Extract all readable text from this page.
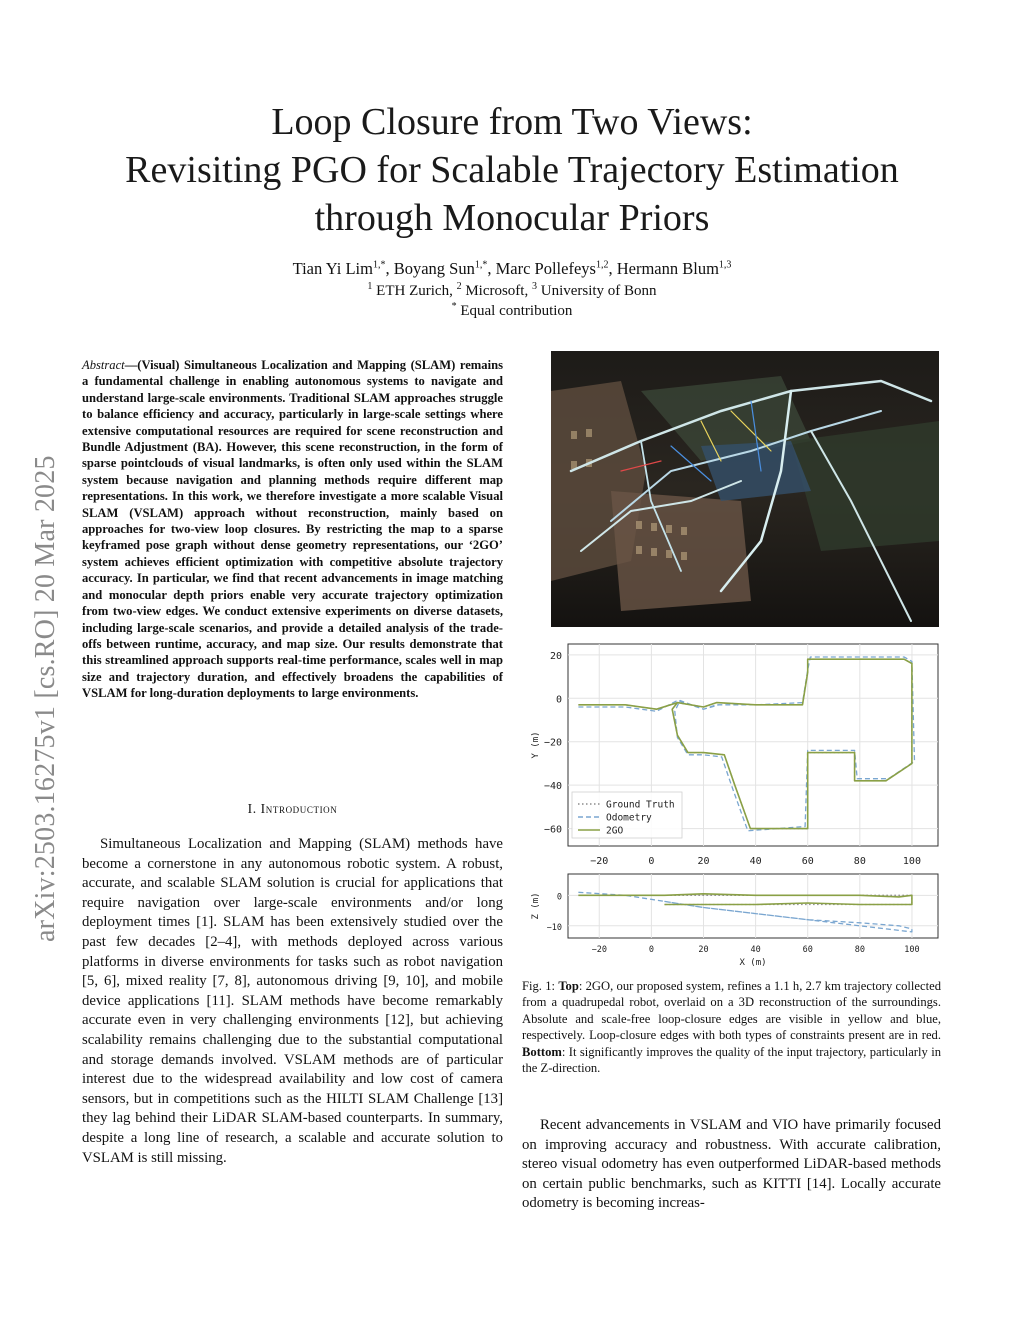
Loop Closure from Two Views:
Revisiting PGO for Scalable Trajectory Estimation
through Monocular Priors
Tian Yi Lim$^{1,*}$, Boyang Sun$^{1,*}$, Marc Pollefeys$^{1,2}$, Hermann Blum$^{1,3}$
$^1$ ETH Zurich, $^2$ Microsoft, $^3$ University of Bonn
* Equal contribution
arXiv:2503.16275v1 [cs.RO] 20 Mar 2025
Abstract—(Visual) Simultaneous Localization and Mapping (SLAM) remains a fundamental challenge in enabling autonomous systems to navigate and understand large-scale environments. Traditional SLAM approaches struggle to balance efficiency and accuracy, particularly in large-scale settings where extensive computational resources are required for scene reconstruction and Bundle Adjustment (BA). However, this scene reconstruction, in the form of sparse pointclouds of visual landmarks, is often only used within the SLAM system because navigation and planning methods require different map representations. In this work, we therefore investigate a more scalable Visual SLAM (VSLAM) approach without reconstruction, mainly based on approaches for two-view loop closures. By restricting the map to a sparse keyframed pose graph without dense geometry representations, our ‘2GO’ system achieves efficient optimization with competitive absolute trajectory accuracy. In particular, we find that recent advancements in image matching and monocular depth priors enable very accurate trajectory optimization from two-view edges. We conduct extensive experiments on diverse datasets, including large-scale scenarios, and provide a detailed analysis of the trade-offs between runtime, accuracy, and map size. Our results demonstrate that this streamlined approach supports real-time performance, scales well in map size and trajectory duration, and effectively broadens the capabilities of VSLAM for long-duration deployments to large environments.
I. Introduction

Simultaneous Localization and Mapping (SLAM) methods have become a cornerstone in any autonomous robotic system. A robust, accurate, and scalable SLAM solution is crucial for applications that require navigation over large-scale environments and/or long deployment times [1]. SLAM has been extensively studied over the past few decades [2–4], with methods deployed across various platforms in diverse environments for tasks such as robot navigation [5, 6], mixed reality [7, 8], autonomous driving [9, 10], and mobile device applications [11]. SLAM methods have become remarkably accurate even in very challenging environments [12], but achieving scalability remains challenging due to the substantial computational and storage demands involved. VSLAM methods are of particular interest due to the widespread availability and low cost of camera sensors, but in competitions such as the HILTI SLAM Challenge [13] they lag behind their LiDAR SLAM-based counterparts. In summary, despite a long line of research, a scalable and accurate solution to VSLAM is still missing.

−20	0	20	40	60	80	100
20
0
−20
−40
−60
Y (m)
Ground Truth
Odometry
2GO
−20	0	20	40	60	80	100
0
−10
Z (m)
X (m)
Fig. 1: Top: 2GO, our proposed system, refines a 1.1 h, 2.7 km trajectory collected from a quadrupedal robot, overlaid on a 3D reconstruction of the surroundings. Absolute and scale-free loop-closure edges are visible in yellow and blue, respectively. Loop-closure edges with both types of constraints present are in red. Bottom: It significantly improves the quality of the input trajectory, particularly in the Z-direction.

Recent advancements in VSLAM and VIO have primarily focused on improving accuracy and robustness. With accurate calibration, stereo visual odometry has even outperformed LiDAR-based methods on certain public benchmarks, such as KITTI [14]. Locally accurate odometry is becoming increas-
